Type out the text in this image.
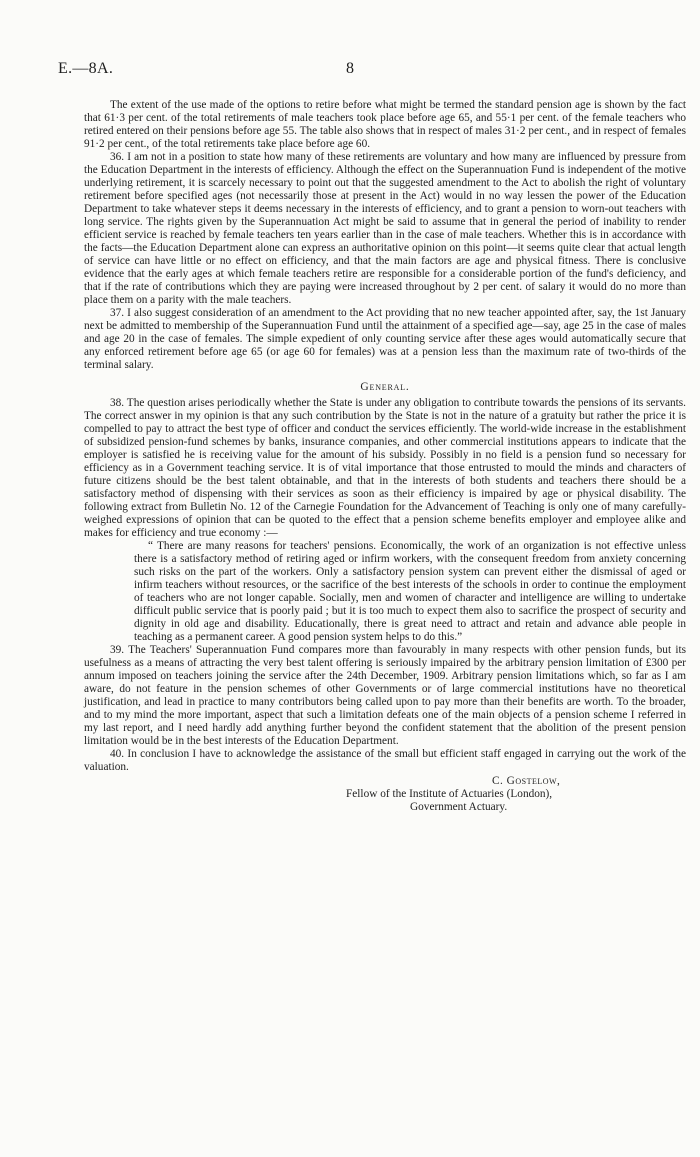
E.—8A.	8

The extent of the use made of the options to retire before what might be termed the standard pension age is shown by the fact that 61·3 per cent. of the total retirements of male teachers took place before age 65, and 55·1 per cent. of the female teachers who retired entered on their pensions before age 55. The table also shows that in respect of males 31·2 per cent., and in respect of females 91·2 per cent., of the total retirements take place before age 60.

36. I am not in a position to state how many of these retirements are voluntary and how many are influenced by pressure from the Education Department in the interests of efficiency. Although the effect on the Superannuation Fund is independent of the motive underlying retirement, it is scarcely necessary to point out that the suggested amendment to the Act to abolish the right of voluntary retirement before specified ages (not necessarily those at present in the Act) would in no way lessen the power of the Education Department to take whatever steps it deems necessary in the interests of efficiency, and to grant a pension to worn-out teachers with long service. The rights given by the Superannuation Act might be said to assume that in general the period of inability to render efficient service is reached by female teachers ten years earlier than in the case of male teachers. Whether this is in accordance with the facts—the Education Department alone can express an authoritative opinion on this point—it seems quite clear that actual length of service can have little or no effect on efficiency, and that the main factors are age and physical fitness. There is conclusive evidence that the early ages at which female teachers retire are responsible for a considerable portion of the fund's deficiency, and that if the rate of contributions which they are paying were increased throughout by 2 per cent. of salary it would do no more than place them on a parity with the male teachers.

37. I also suggest consideration of an amendment to the Act providing that no new teacher appointed after, say, the 1st January next be admitted to membership of the Superannuation Fund until the attainment of a specified age—say, age 25 in the case of males and age 20 in the case of females. The simple expedient of only counting service after these ages would automatically secure that any enforced retirement before age 65 (or age 60 for females) was at a pension less than the maximum rate of two-thirds of the terminal salary.

General.

38. The question arises periodically whether the State is under any obligation to contribute towards the pensions of its servants. The correct answer in my opinion is that any such contribution by the State is not in the nature of a gratuity but rather the price it is compelled to pay to attract the best type of officer and conduct the services efficiently. The world-wide increase in the establishment of subsidized pension-fund schemes by banks, insurance companies, and other commercial institutions appears to indicate that the employer is satisfied he is receiving value for the amount of his subsidy. Possibly in no field is a pension fund so necessary for efficiency as in a Government teaching service. It is of vital importance that those entrusted to mould the minds and characters of future citizens should be the best talent obtainable, and that in the interests of both students and teachers there should be a satisfactory method of dispensing with their services as soon as their efficiency is impaired by age or physical disability. The following extract from Bulletin No. 12 of the Carnegie Foundation for the Advancement of Teaching is only one of many carefully-weighed expressions of opinion that can be quoted to the effect that a pension scheme benefits employer and employee alike and makes for efficiency and true economy :—

“ There are many reasons for teachers' pensions. Economically, the work of an organization is not effective unless there is a satisfactory method of retiring aged or infirm workers, with the consequent freedom from anxiety concerning such risks on the part of the workers. Only a satisfactory pension system can prevent either the dismissal of aged or infirm teachers without resources, or the sacrifice of the best interests of the schools in order to continue the employment of teachers who are not longer capable. Socially, men and women of character and intelligence are willing to undertake difficult public service that is poorly paid ; but it is too much to expect them also to sacrifice the prospect of security and dignity in old age and disability. Educationally, there is great need to attract and retain and advance able people in teaching as a permanent career. A good pension system helps to do this.”

39. The Teachers' Superannuation Fund compares more than favourably in many respects with other pension funds, but its usefulness as a means of attracting the very best talent offering is seriously impaired by the arbitrary pension limitation of £300 per annum imposed on teachers joining the service after the 24th December, 1909. Arbitrary pension limitations which, so far as I am aware, do not feature in the pension schemes of other Governments or of large commercial institutions have no theoretical justification, and lead in practice to many contributors being called upon to pay more than their benefits are worth. To the broader, and to my mind the more important, aspect that such a limitation defeats one of the main objects of a pension scheme I referred in my last report, and I need hardly add anything further beyond the confident statement that the abolition of the present pension limitation would be in the best interests of the Education Department.

40. In conclusion I have to acknowledge the assistance of the small but efficient staff engaged in carrying out the work of the valuation.

C. Gostelow,
Fellow of the Institute of Actuaries (London),
Government Actuary.
